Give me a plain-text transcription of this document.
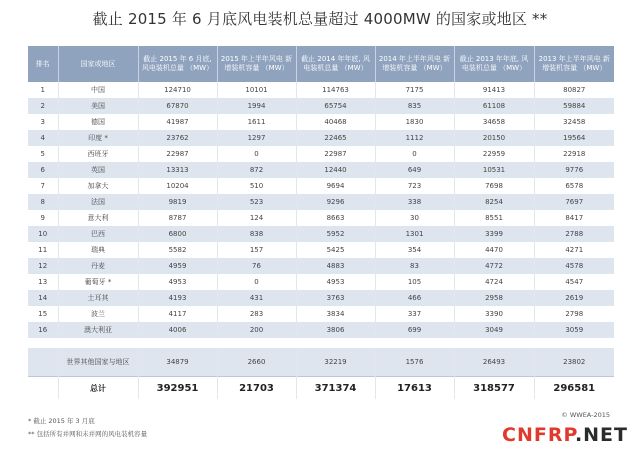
截止 2015 年 6 月底风电装机总量超过 4000MW 的国家或地区 **
排名	国家或地区	截止 2015 年 6 月底, 风电装机总量 （MW）	2015 年上半年风电 新增装机容量 （MW）	截止 2014 年年底, 风电装机总量 （MW）	2014 年上半年风电 新增装机容量 （MW）	截止 2013 年年底, 风电装机总量 （MW）	2013 年上半年风电 新增装机容量 （MW）
1	中国	124710	10101	114763	7175	91413	80827
2	美国	67870	1994	65754	835	61108	59884
3	德国	41987	1611	40468	1830	34658	32458
4	印度 *	23762	1297	22465	1112	20150	19564
5	西班牙	22987	0	22987	0	22959	22918
6	英国	13313	872	12440	649	10531	9776
7	加拿大	10204	510	9694	723	7698	6578
8	法国	9819	523	9296	338	8254	7697
9	意大利	8787	124	8663	30	8551	8417
10	巴西	6800	838	5952	1301	3399	2788
11	瑞典	5582	157	5425	354	4470	4271
12	丹麦	4959	76	4883	83	4772	4578
13	葡萄牙 *	4953	0	4953	105	4724	4547
14	土耳其	4193	431	3763	466	2958	2619
15	波兰	4117	283	3834	337	3390	2798
16	澳大利亚	4006	200	3806	699	3049	3059

	世界其他国家与地区	34879	2660	32219	1576	26493	23802
	总计	392951	21703	371374	17613	318577	296581
* 截止 2015 年 3 月底
** 包括所有并网和未并网的风电装机容量
© WWEA-2015
CNFRP.NET
